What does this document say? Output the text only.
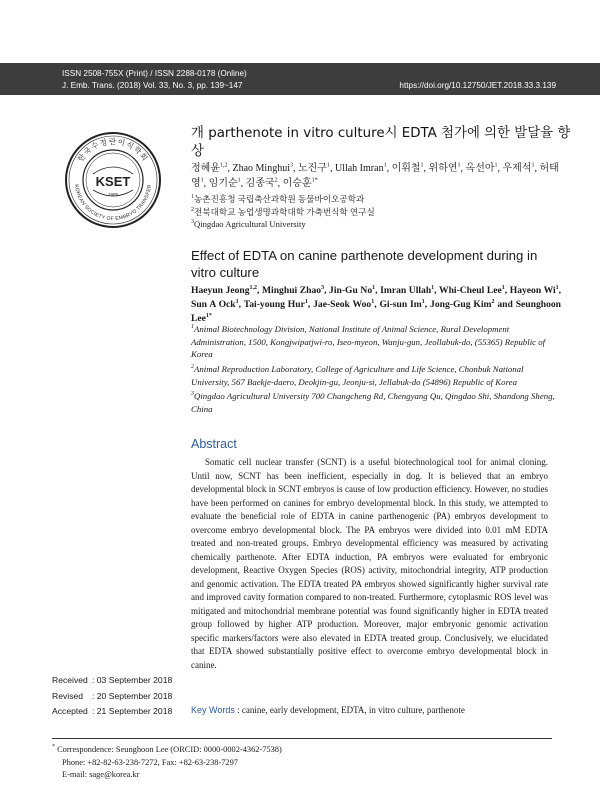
ISSN 2508-755X (Print) / ISSN 2288-0178 (Online)
J. Emb. Trans. (2018) Vol. 33, No. 3, pp. 139~147	https://doi.org/10.12750/JET.2018.33.3.139
한국수정란이식학회
KOREAN SOCIETY OF EMBRYO TRANSFER
KSET
1985
개 parthenote in vitro culture시 EDTA 첨가에 의한 발달율 향상
정혜윤$^{1,2}$, Zhao Minghui$^3$, 노진구$^1$, Ullah Imran$^1$, 이휘철$^1$, 위하연$^1$, 옥선아$^1$, 우제석$^1$, 허태영$^1$, 임기순$^1$, 김종국$^2$, 이승훈$^{1*}$
$^1$농촌진흥청 국립축산과학원 동물바이오공학과
$^2$전북대학교 농업생명과학대학 가축번식학 연구실
$^3$Qingdao Agricultural University
Effect of EDTA on canine parthenote development during in vitro culture
Haeyun Jeong$^{1,2}$, Minghui Zhao$^3$, Jin-Gu No$^1$, Imran Ullah$^1$, Whi-Cheul Lee$^1$, Hayeon Wi$^1$, Sun A Ock$^1$, Tai-young Hur$^1$, Jae-Seok Woo$^1$, Gi-sun Im$^1$, Jong-Gug Kim$^2$ and Seunghoon Lee$^{1*}$
$^1$Animal Biotechnology Division, National Institute of Animal Science, Rural Development Administration, 1500, Kongjwipatjwi-ro, Iseo-myeon, Wanju-gun, Jeollabuk-do, (55365) Republic of Korea
$^2$Animal Reproduction Laboratory, College of Agriculture and Life Science, Chonbuk National University, 567 Baekje-daero, Deokjin-gu, Jeonju-si, Jellabuk-do (54896) Republic of Korea
$^3$Qingdao Agricultural University 700 Changcheng Rd, Chengyang Qu, Qingdao Shi, Shandong Sheng, China
Abstract
Somatic cell nuclear transfer (SCNT) is a useful biotechnological tool for animal cloning. Until now, SCNT has been inefficient, especially in dog. It is believed that an embryo developmental block in SCNT embryos is cause of low production efficiency. However, no studies have been performed on canines for embryo developmental block. In this study, we attempted to evaluate the beneficial role of EDTA in canine parthenogenic (PA) embryos development to overcome embryo developmental block. The PA embryos were divided into 0.01 mM EDTA treated and non-treated groups. Embryo developmental efficiency was measured by activating chemically parthenote. After EDTA induction, PA embryos were evaluated for embryonic development, Reactive Oxygen Species (ROS) activity, mitochondrial integrity, ATP production and genomic activation. The EDTA treated PA embryos showed significantly higher survival rate and improved cavity formation compared to non-treated. Furthermore, cytoplasmic ROS level was mitigated and mitochondrial membrane potential was found significantly higher in EDTA treated group followed by higher ATP production. Moreover, major embryonic genomic activation specific markers/factors were also elevated in EDTA treated group. Conclusively, we elucidated that EDTA showed substantially positive effect to overcome embryo developmental block in canine.
Received : 03 September 2018
Revised	: 20 September 2018
Accepted : 21 September 2018 Key Words : canine, early development, EDTA, in vitro culture, parthenote
* Correspondence: Seunghoon Lee (ORCID: 0000-0002-4362-7538)
Phone: +82-82-63-238-7272, Fax: +82-63-238-7297
E-mail: sage@korea.kr
